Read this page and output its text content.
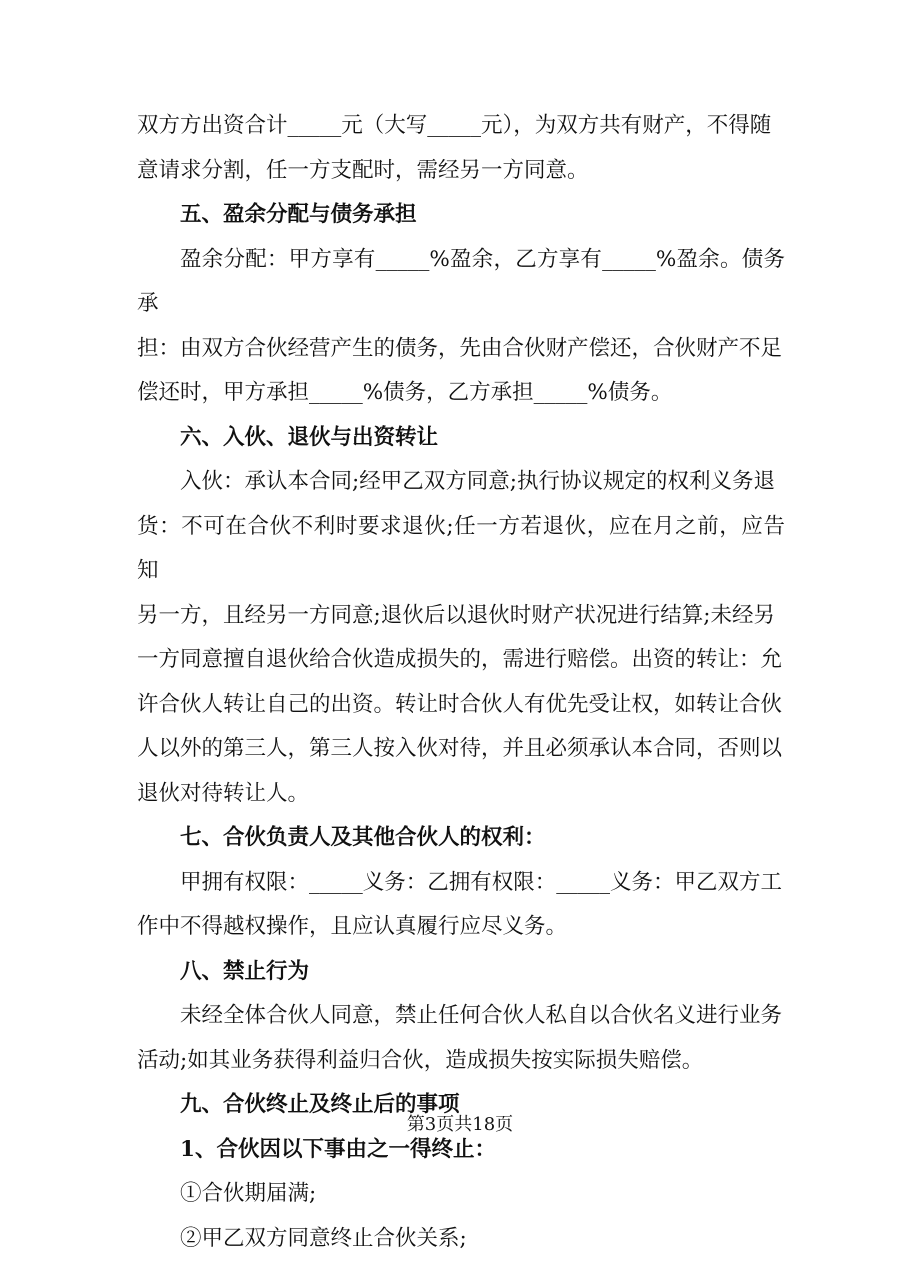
双方方出资合计_____元（大写_____元），为双方共有财产，不得随
意请求分割，任一方支配时，需经另一方同意。

五、盈余分配与债务承担

盈余分配：甲方享有_____%盈余，乙方享有_____%盈余。债务承
担：由双方合伙经营产生的债务，先由合伙财产偿还，合伙财产不足
偿还时，甲方承担_____%债务，乙方承担_____%债务。

六、入伙、退伙与出资转让

入伙：承认本合同;经甲乙双方同意;执行协议规定的权利义务退
货：不可在合伙不利时要求退伙;任一方若退伙，应在月之前，应告知
另一方，且经另一方同意;退伙后以退伙时财产状况进行结算;未经另
一方同意擅自退伙给合伙造成损失的，需进行赔偿。出资的转让：允
许合伙人转让自己的出资。转让时合伙人有优先受让权，如转让合伙
人以外的第三人，第三人按入伙对待，并且必须承认本合同，否则以
退伙对待转让人。

七、合伙负责人及其他合伙人的权利：

甲拥有权限：_____义务：乙拥有权限：_____义务：甲乙双方工
作中不得越权操作，且应认真履行应尽义务。

八、禁止行为

未经全体合伙人同意，禁止任何合伙人私自以合伙名义进行业务
活动;如其业务获得利益归合伙，造成损失按实际损失赔偿。

九、合伙终止及终止后的事项

1、合伙因以下事由之一得终止：

①合伙期届满;

②甲乙双方同意终止合伙关系;

第3页共18页
